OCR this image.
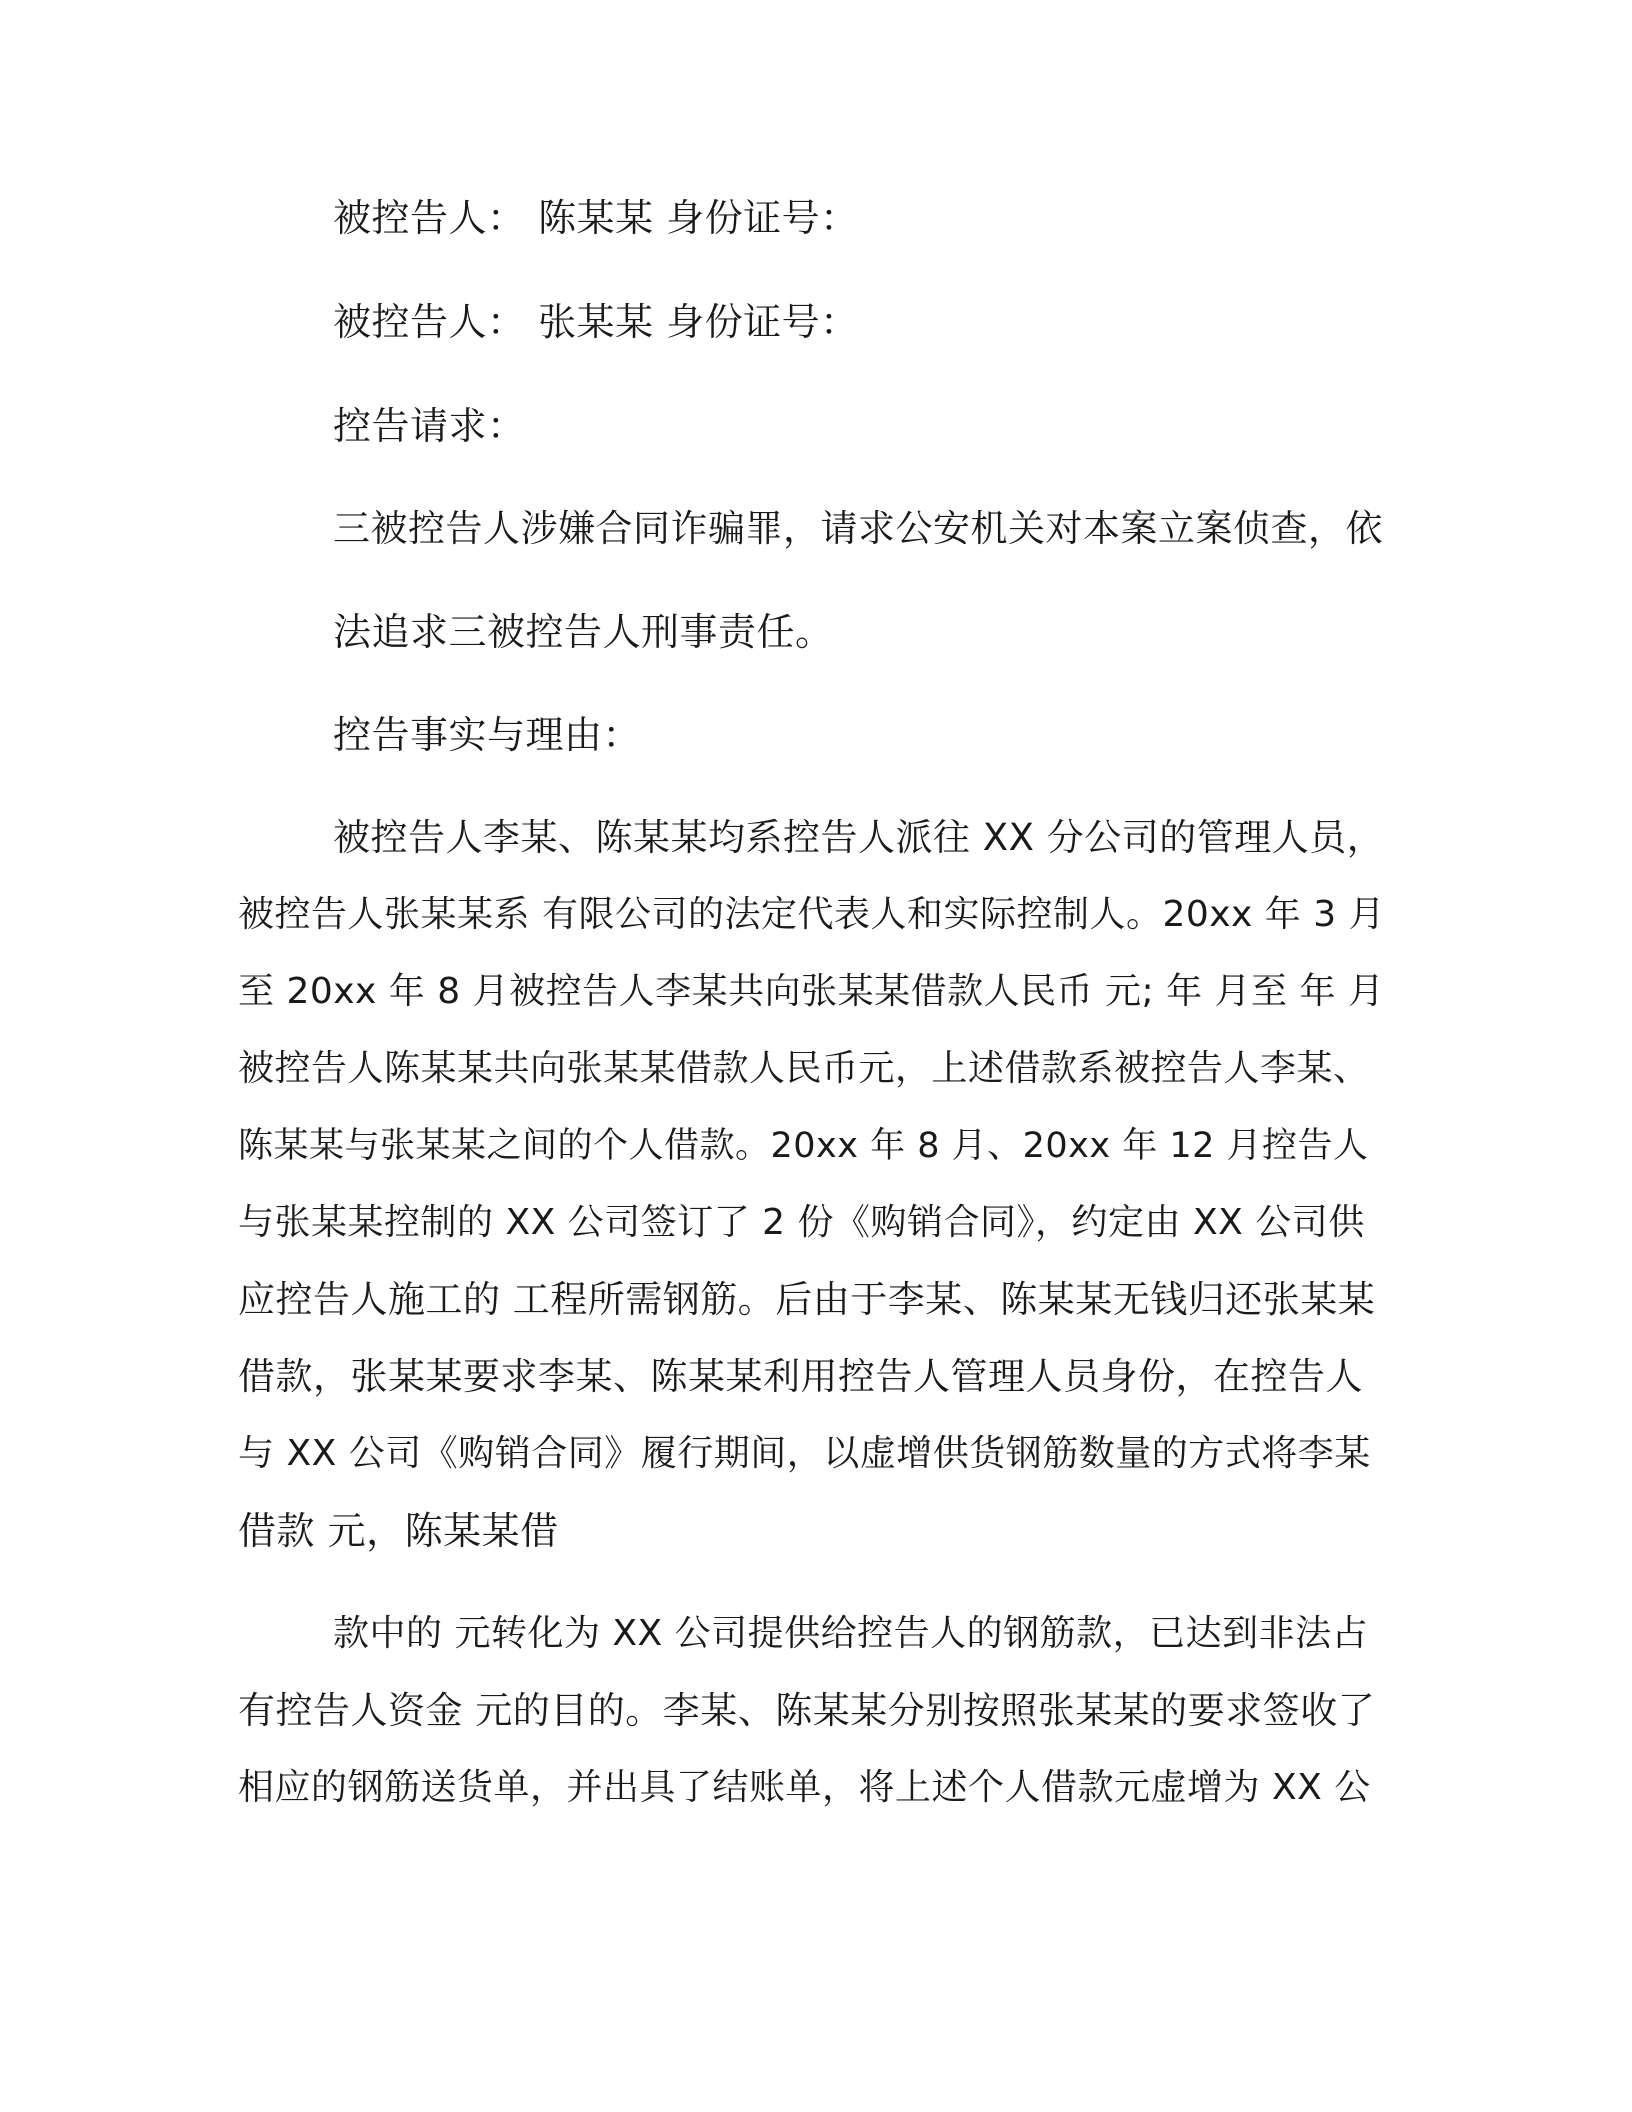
被控告人： 陈某某 身份证号：
被控告人： 张某某 身份证号：
控告请求：
三被控告人涉嫌合同诈骗罪，请求公安机关对本案立案侦查，依
法追求三被控告人刑事责任。
控告事实与理由：
被控告人李某、陈某某均系控告人派往 XX 分公司的管理人员，
被控告人张某某系 有限公司的法定代表人和实际控制人。20xx 年 3 月
至 20xx 年 8 月被控告人李某共向张某某借款人民币 元; 年 月至 年 月
被控告人陈某某共向张某某借款人民币元，上述借款系被控告人李某、
陈某某与张某某之间的个人借款。20xx 年 8 月、20xx 年 12 月控告人
与张某某控制的 XX 公司签订了 2 份《购销合同》，约定由 XX 公司供
应控告人施工的 工程所需钢筋。后由于李某、陈某某无钱归还张某某
借款，张某某要求李某、陈某某利用控告人管理人员身份，在控告人
与 XX 公司《购销合同》履行期间，以虚增供货钢筋数量的方式将李某
借款 元，陈某某借
款中的 元转化为 XX 公司提供给控告人的钢筋款，已达到非法占
有控告人资金 元的目的。李某、陈某某分别按照张某某的要求签收了
相应的钢筋送货单，并出具了结账单，将上述个人借款元虚增为 XX 公
